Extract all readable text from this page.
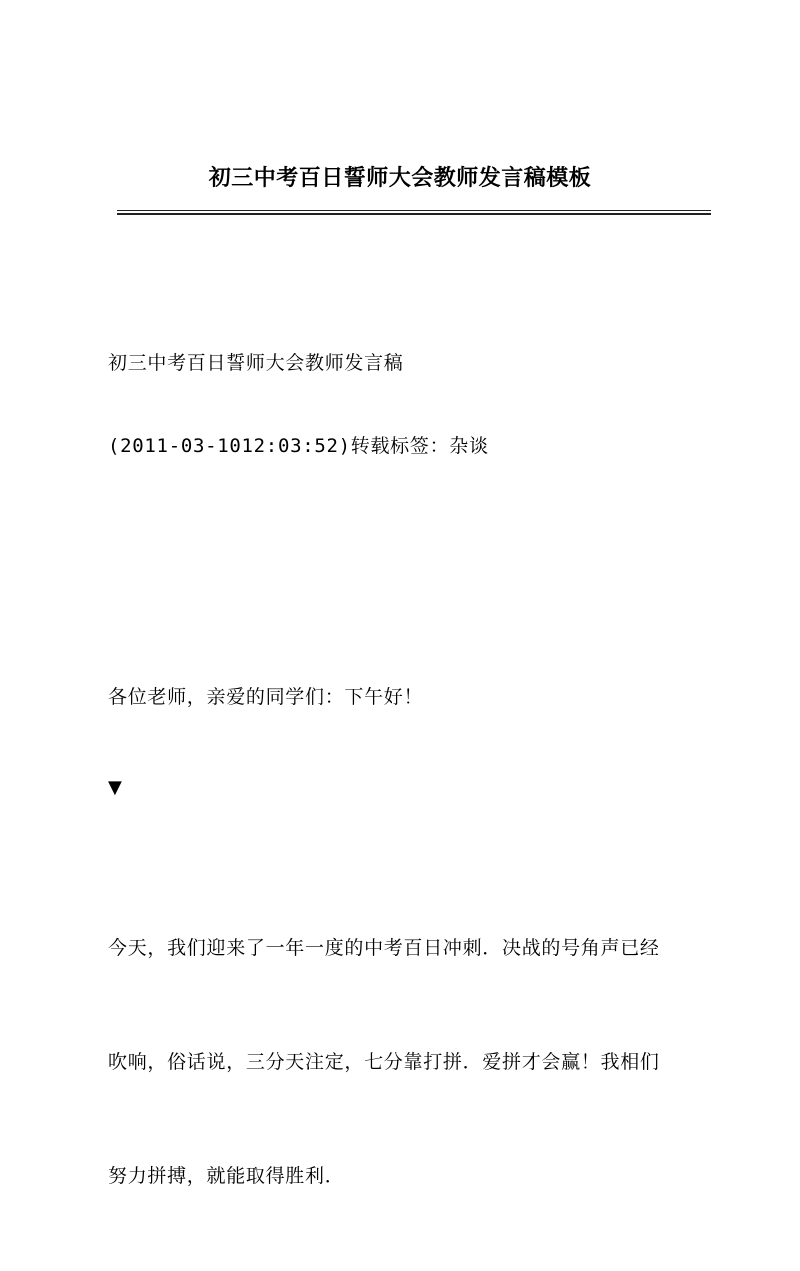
初三中考百日誓师大会教师发言稿模板

初三中考百日誓师大会教师发言稿

(2011-03-1012:03:52)转载标签：杂谈

各位老师，亲爱的同学们：下午好！

▼

今天，我们迎来了一年一度的中考百日冲刺．决战的号角声已经

吹响，俗话说，三分天注定，七分靠打拼．爱拼才会赢！我相们

努力拼搏，就能取得胜利．
